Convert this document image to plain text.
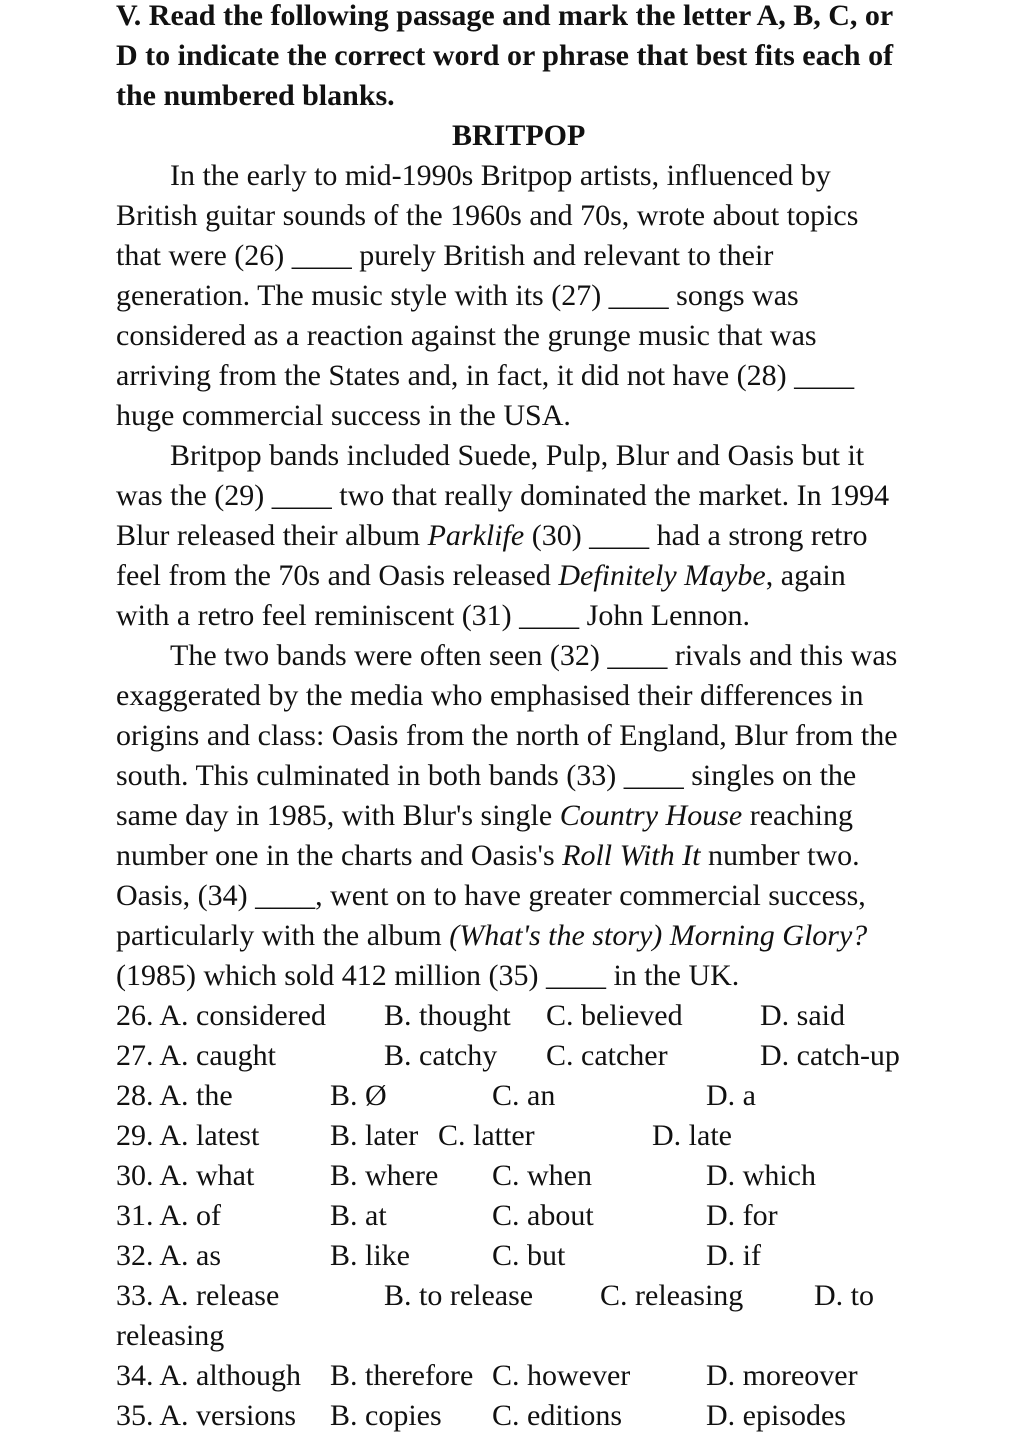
V. Read the following passage and mark the letter A, B, C, or
D to indicate the correct word or phrase that best fits each of
the numbered blanks.
BRITPOP
In the early to mid-1990s Britpop artists, influenced by
British guitar sounds of the 1960s and 70s, wrote about topics
that were (26) ____ purely British and relevant to their
generation. The music style with its (27) ____ songs was
considered as a reaction against the grunge music that was
arriving from the States and, in fact, it did not have (28) ____
huge commercial success in the USA.
Britpop bands included Suede, Pulp, Blur and Oasis but it
was the (29) ____ two that really dominated the market. In 1994
Blur released their album Parklife (30) ____ had a strong retro
feel from the 70s and Oasis released Definitely Maybe, again
with a retro feel reminiscent (31) ____ John Lennon.
The two bands were often seen (32) ____ rivals and this was
exaggerated by the media who emphasised their differences in
origins and class: Oasis from the north of England, Blur from the
south. This culminated in both bands (33) ____ singles on the
same day in 1985, with Blur's single Country House reaching
number one in the charts and Oasis's Roll With It number two.
Oasis, (34) ____, went on to have greater commercial success,
particularly with the album (What's the story) Morning Glory?
(1985) which sold 412 million (35) ____ in the UK.
26. A. considered B. thought C. believed	D. said
27. A. caught	B. catchy C. catcher	D. catch-up
28. A. the	B. Ø	C. an	D. a
29. A. latest B. later C. latter	D. late
30. A. what	B. where C. when	D. which
31. A. of	B. at	C. about	D. for
32. A. as	B. like	C. but	D. if
33. A. release	B. to release C. releasing D. to
releasing
34. A. although B. therefore C. however	D. moreover
35. A. versions B. copies C. editions	D. episodes
